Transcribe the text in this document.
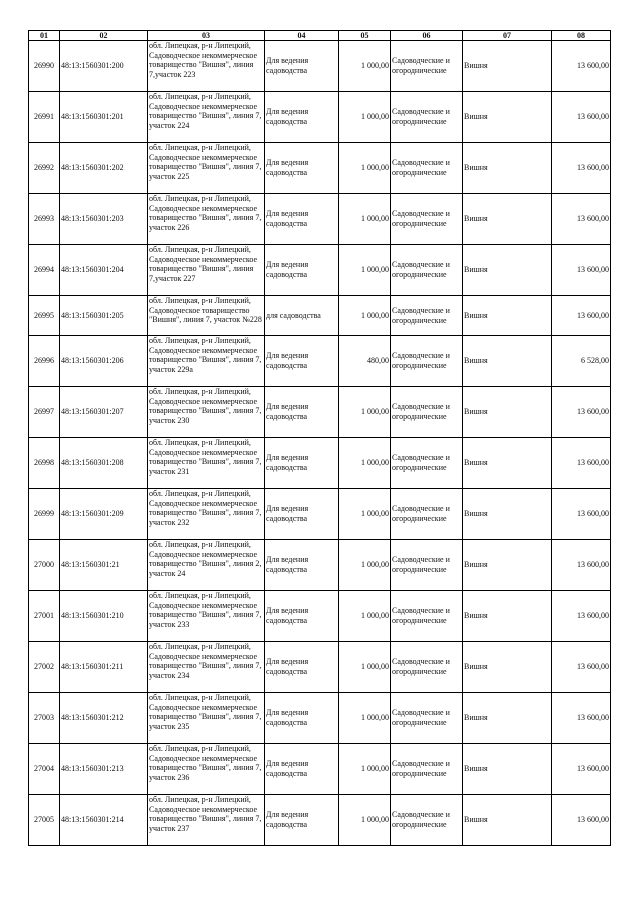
01	02	03	04	05	06	07	08
26990	48:13:1560301:200	обл. Липецкая, р-н Липецкий, Садоводческое некоммерческое товарищество "Вишня", линия 7,участок 223	Для ведения садоводства	1 000,00	Садоводческие и огороднические	Вишня	13 600,00
26991	48:13:1560301:201	обл. Липецкая, р-н Липецкий, Садоводческое некоммерческое товарищество "Вишня", линия 7, участок 224	Для ведения садоводства	1 000,00	Садоводческие и огороднические	Вишня	13 600,00
26992	48:13:1560301:202	обл. Липецкая, р-н Липецкий, Садоводческое некоммерческое товарищество "Вишня", линия 7, участок 225	Для ведения садоводства	1 000,00	Садоводческие и огороднические	Вишня	13 600,00
26993	48:13:1560301:203	обл. Липецкая, р-н Липецкий, Садоводческое некоммерческое товарищество "Вишня", линия 7, участок 226	Для ведения садоводства	1 000,00	Садоводческие и огороднические	Вишня	13 600,00
26994	48:13:1560301:204	обл. Липецкая, р-н Липецкий, Садоводческое некоммерческое товарищество "Вишня", линия 7,участок 227	Для ведения садоводства	1 000,00	Садоводческие и огороднические	Вишня	13 600,00
26995	48:13:1560301:205	обл. Липецкая, р-н Липецкий, Садоводческое товарищество "Вишня", линия 7, участок №228	для садоводства	1 000,00	Садоводческие и огороднические	Вишня	13 600,00
26996	48:13:1560301:206	обл. Липецкая, р-н Липецкий, Садоводческое некоммерческое товарищество "Вишня", линия 7, участок 229а	Для ведения садоводства	480,00	Садоводческие и огороднические	Вишня	6 528,00
26997	48:13:1560301:207	обл. Липецкая, р-н Липецкий, Садоводческое некоммерческое товарищество "Вишня", линия 7, участок 230	Для ведения садоводства	1 000,00	Садоводческие и огороднические	Вишня	13 600,00
26998	48:13:1560301:208	обл. Липецкая, р-н Липецкий, Садоводческое некоммерческое товарищество "Вишня", линия 7, участок 231	Для ведения садоводства	1 000,00	Садоводческие и огороднические	Вишня	13 600,00
26999	48:13:1560301:209	обл. Липецкая, р-н Липецкий, Садоводческое некоммерческое товарищество "Вишня", линия 7, участок 232	Для ведения садоводства	1 000,00	Садоводческие и огороднические	Вишня	13 600,00
27000	48:13:1560301:21	обл. Липецкая, р-н Липецкий, Садоводческое некоммерческое товарищество "Вишня", линия 2, участок 24	Для ведения садоводства	1 000,00	Садоводческие и огороднические	Вишня	13 600,00
27001	48:13:1560301:210	обл. Липецкая, р-н Липецкий, Садоводческое некоммерческое товарищество "Вишня", линия 7, участок 233	Для ведения садоводства	1 000,00	Садоводческие и огороднические	Вишня	13 600,00
27002	48:13:1560301:211	обл. Липецкая, р-н Липецкий, Садоводческое некоммерческое товарищество "Вишня", линия 7, участок 234	Для ведения садоводства	1 000,00	Садоводческие и огороднические	Вишня	13 600,00
27003	48:13:1560301:212	обл. Липецкая, р-н Липецкий, Садоводческое некоммерческое товарищество "Вишня", линия 7, участок 235	Для ведения садоводства	1 000,00	Садоводческие и огороднические	Вишня	13 600,00
27004	48:13:1560301:213	обл. Липецкая, р-н Липецкий, Садоводческое некоммерческое товарищество "Вишня", линия 7, участок 236	Для ведения садоводства	1 000,00	Садоводческие и огороднические	Вишня	13 600,00
27005	48:13:1560301:214	обл. Липецкая, р-н Липецкий, Садоводческое некоммерческое товарищество "Вишня", линия 7, участок 237	Для ведения садоводства	1 000,00	Садоводческие и огороднические	Вишня	13 600,00
